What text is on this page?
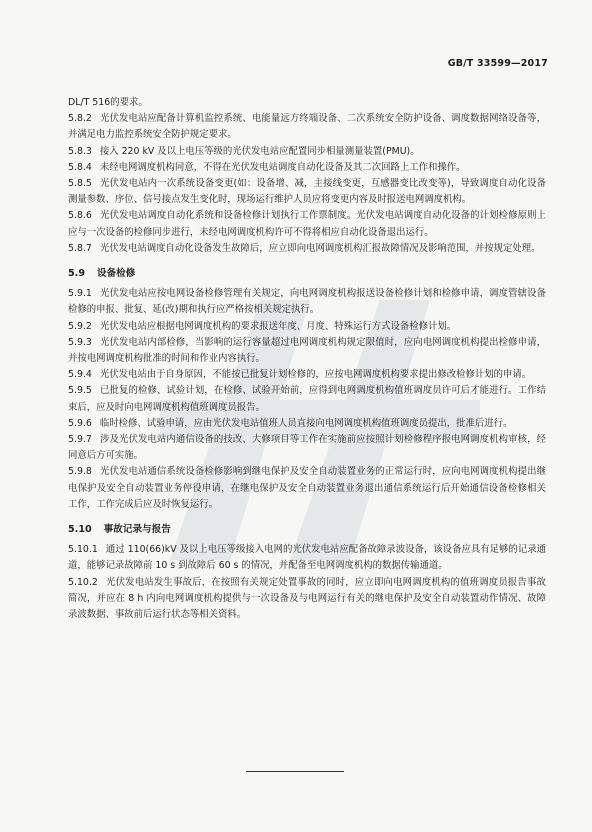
GB/T 33599—2017

DL/T 516的要求。

5.8.2 光伏发电站应配备计算机监控系统、电能量远方终端设备、二次系统安全防护设备、调度数据网络设备等，并满足电力监控系统安全防护规定要求。

5.8.3 接入 220 kV 及以上电压等级的光伏发电站应配置同步相量测量装置(PMU)。

5.8.4 未经电网调度机构同意，不得在光伏发电站调度自动化设备及其二次回路上工作和操作。

5.8.5 光伏发电站内一次系统设备变更(如：设备增、减，主接线变更，互感器变比改变等)，导致调度自动化设备测量参数、序位、信号接点发生变化时，现场运行维护人员应将变更内容及时报送电网调度机构。

5.8.6 光伏发电站调度自动化系统和设备检修计划执行工作票制度。光伏发电站调度自动化设备的计划检修原则上应与一次设备的检修同步进行，未经电网调度机构许可不得将相应自动化设备退出运行。

5.8.7 光伏发电站调度自动化设备发生故障后，应立即向电网调度机构汇报故障情况及影响范围，并按规定处理。

5.9 设备检修

5.9.1 光伏发电站应按电网设备检修管理有关规定，向电网调度机构报送设备检修计划和检修申请，调度管辖设备检修的申报、批复、延(改)期和执行应严格按相关规定执行。

5.9.2 光伏发电站应根据电网调度机构的要求报送年度、月度、特殊运行方式设备检修计划。

5.9.3 光伏发电站内部检修，当影响的运行容量超过电网调度机构规定限值时，应向电网调度机构提出检修申请，并按电网调度机构批准的时间和作业内容执行。

5.9.4 光伏发电站由于自身原因，不能按已批复计划检修的，应按电网调度机构要求提出修改检修计划的申请。

5.9.5 已批复的检修、试验计划，在检修、试验开始前，应得到电网调度机构值班调度员许可后才能进行。工作结束后，应及时向电网调度机构值班调度员报告。

5.9.6 临时检修、试验申请，应由光伏发电站值班人员直接向电网调度机构值班调度员提出，批准后进行。

5.9.7 涉及光伏发电站内通信设备的技改、大修项目等工作在实施前应按照计划检修程序报电网调度机构审核，经同意后方可实施。

5.9.8 光伏发电站通信系统设备检修影响到继电保护及安全自动装置业务的正常运行时，应向电网调度机构提出继电保护及安全自动装置业务停役申请，在继电保护及安全自动装置业务退出通信系统运行后开始通信设备检修相关工作，工作完成后应及时恢复运行。

5.10 事故记录与报告

5.10.1 通过 110(66)kV 及以上电压等级接入电网的光伏发电站应配备故障录波设备，该设备应具有足够的记录通道，能够记录故障前 10 s 到故障后 60 s 的情况，并配备至电网调度机构的数据传输通道。

5.10.2 光伏发电站发生事故后，在按照有关规定处置事故的同时，应立即向电网调度机构的值班调度员报告事故简况，并应在 8 h 内向电网调度机构提供与一次设备及与电网运行有关的继电保护及安全自动装置动作情况、故障录波数据、事故前后运行状态等相关资料。
